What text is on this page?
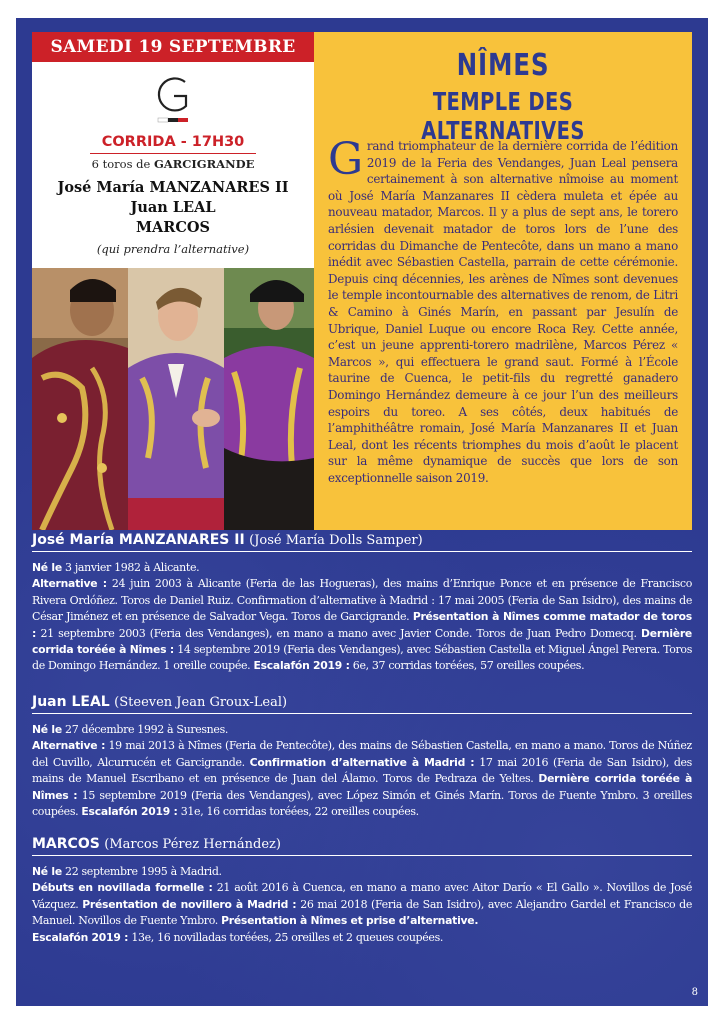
SAMEDI 19 SEPTEMBRE
CORRIDA - 17H30
6 toros de GARCIGRANDE
José María MANZANARES II
Juan LEAL
MARCOS
(qui prendra l’alternative)
NÎMES
TEMPLE DES ALTERNATIVES
Grand triomphateur de la dernière corrida de l’édition 2019 de la Feria des Vendanges, Juan Leal pensera certainement à son alternative nîmoise au moment où José María Manzanares II cèdera muleta et épée au nouveau matador, Marcos. Il y a plus de sept ans, le torero arlésien devenait matador de toros lors de l’une des corridas du Dimanche de Pentecôte, dans un mano a mano inédit avec Sébastien Castella, parrain de cette cérémonie. Depuis cinq décennies, les arènes de Nîmes sont devenues le temple incontournable des alternatives de renom, de Litri & Camino à Ginés Marín, en passant par Jesulín de Ubrique, Daniel Luque ou encore Roca Rey. Cette année, c’est un jeune apprenti-torero madrilène, Marcos Pérez « Marcos », qui effectuera le grand saut. Formé à l’École taurine de Cuenca, le petit-fils du regretté ganadero Domingo Hernández demeure à ce jour l’un des meilleurs espoirs du toreo. A ses côtés, deux habitués de l’amphithéâtre romain, José María Manzanares II et Juan Leal, dont les récents triomphes du mois d’août le placent sur la même dynamique de succès que lors de son exceptionnelle saison 2019.
José María MANZANARES II (José María Dolls Samper)
Né le 3 janvier 1982 à Alicante.
Alternative : 24 juin 2003 à Alicante (Feria de las Hogueras), des mains d’Enrique Ponce et en présence de Francisco Rivera Ordóñez. Toros de Daniel Ruiz. Confirmation d’alternative à Madrid : 17 mai 2005 (Feria de San Isidro), des mains de César Jiménez et en présence de Salvador Vega. Toros de Garcigrande. Présentation à Nîmes comme matador de toros : 21 septembre 2003 (Feria des Vendanges), en mano a mano avec Javier Conde. Toros de Juan Pedro Domecq. Dernière corrida toréée à Nîmes : 14 septembre 2019 (Feria des Vendanges), avec Sébastien Castella et Miguel Ángel Perera. Toros de Domingo Hernández. 1 oreille coupée. Escalafón 2019 : 6e, 37 corridas toréées, 57 oreilles coupées.
Juan LEAL (Steeven Jean Groux-Leal)
Né le 27 décembre 1992 à Suresnes.
Alternative : 19 mai 2013 à Nîmes (Feria de Pentecôte), des mains de Sébastien Castella, en mano a mano. Toros de Núñez del Cuvillo, Alcurrucén et Garcigrande. Confirmation d’alternative à Madrid : 17 mai 2016 (Feria de San Isidro), des mains de Manuel Escribano et en présence de Juan del Álamo. Toros de Pedraza de Yeltes. Dernière corrida toréée à Nîmes : 15 septembre 2019 (Feria des Vendanges), avec López Simón et Ginés Marín. Toros de Fuente Ymbro. 3 oreilles coupées. Escalafón 2019 : 31e, 16 corridas toréées, 22 oreilles coupées.
MARCOS (Marcos Pérez Hernández)
Né le 22 septembre 1995 à Madrid.
Débuts en novillada formelle : 21 août 2016 à Cuenca, en mano a mano avec Aitor Darío « El Gallo ». Novillos de José Vázquez. Présentation de novillero à Madrid : 26 mai 2018 (Feria de San Isidro), avec Alejandro Gardel et Francisco de Manuel. Novillos de Fuente Ymbro. Présentation à Nîmes et prise d’alternative.
Escalafón 2019 : 13e, 16 novilladas toréées, 25 oreilles et 2 queues coupées.
8
